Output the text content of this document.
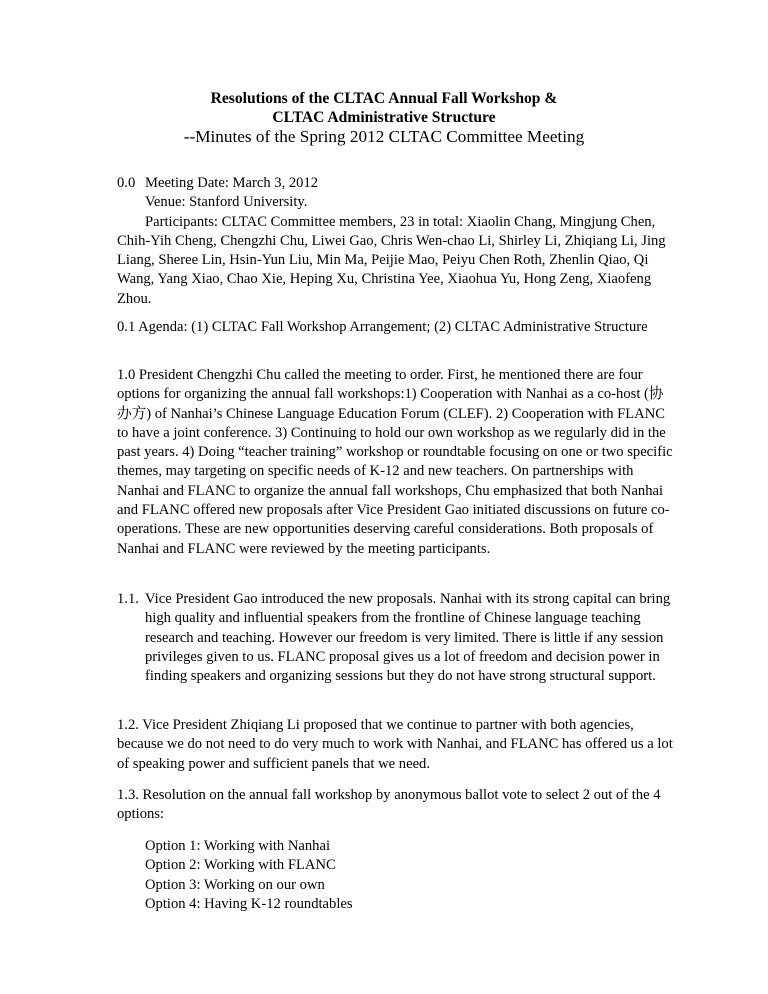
Resolutions of the CLTAC Annual Fall Workshop &
CLTAC Administrative Structure
--Minutes of the Spring 2012 CLTAC Committee Meeting
0.0 Meeting Date: March 3, 2012
Venue: Stanford University.
Participants: CLTAC Committee members, 23 in total: Xiaolin Chang, Mingjung Chen,
Chih-Yih Cheng, Chengzhi Chu, Liwei Gao, Chris Wen-chao Li, Shirley Li, Zhiqiang Li, Jing Liang, Sheree Lin, Hsin-Yun Liu, Min Ma, Peijie Mao, Peiyu Chen Roth, Zhenlin Qiao, Qi Wang, Yang Xiao, Chao Xie, Heping Xu, Christina Yee, Xiaohua Yu, Hong Zeng, Xiaofeng Zhou.
0.1 Agenda: (1) CLTAC Fall Workshop Arrangement; (2) CLTAC Administrative Structure
1.0 President Chengzhi Chu called the meeting to order. First, he mentioned there are four options for organizing the annual fall workshops:1) Cooperation with Nanhai as a co-host (协办方) of Nanhai’s Chinese Language Education Forum (CLEF). 2) Cooperation with FLANC to have a joint conference. 3) Continuing to hold our own workshop as we regularly did in the past years. 4) Doing “teacher training” workshop or roundtable focusing on one or two specific themes, may targeting on specific needs of K-12 and new teachers. On partnerships with Nanhai and FLANC to organize the annual fall workshops, Chu emphasized that both Nanhai and FLANC offered new proposals after Vice President Gao initiated discussions on future co-operations. These are new opportunities deserving careful considerations. Both proposals of Nanhai and FLANC were reviewed by the meeting participants.
1.1. Vice President Gao introduced the new proposals. Nanhai with its strong capital can bring high quality and influential speakers from the frontline of Chinese language teaching research and teaching. However our freedom is very limited. There is little if any session privileges given to us. FLANC proposal gives us a lot of freedom and decision power in finding speakers and organizing sessions but they do not have strong structural support.
1.2. Vice President Zhiqiang Li proposed that we continue to partner with both agencies, because we do not need to do very much to work with Nanhai, and FLANC has offered us a lot of speaking power and sufficient panels that we need.
1.3. Resolution on the annual fall workshop by anonymous ballot vote to select 2 out of the 4 options:
Option 1: Working with Nanhai
Option 2: Working with FLANC
Option 3: Working on our own
Option 4: Having K-12 roundtables
